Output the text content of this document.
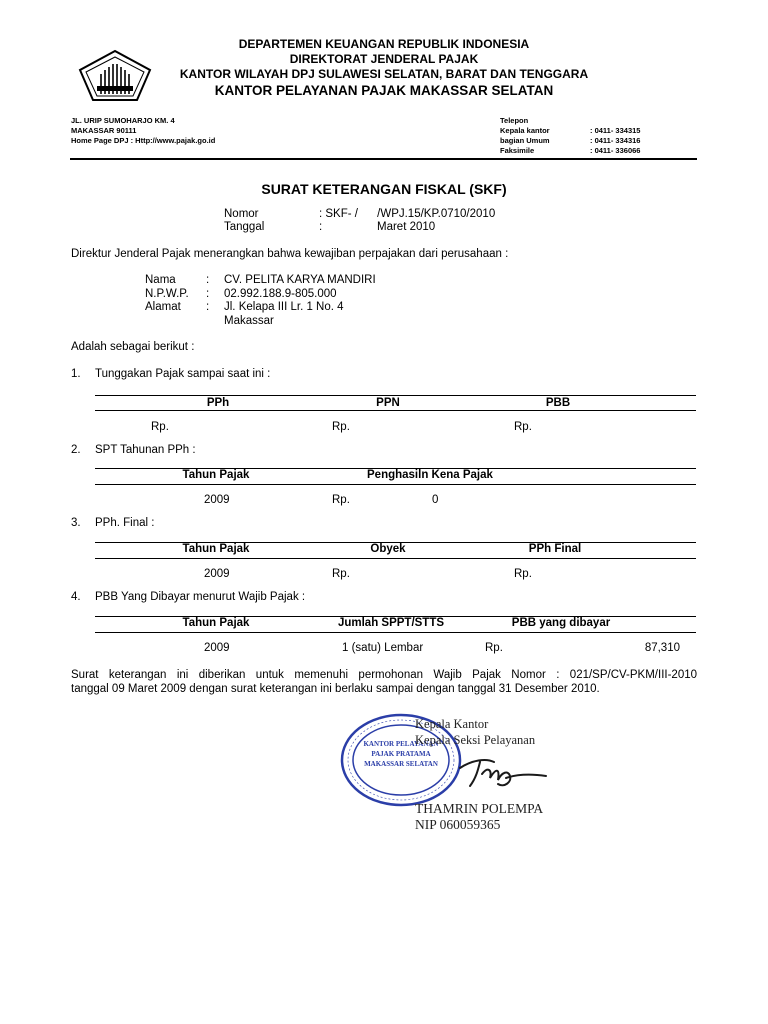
DEPARTEMEN KEUANGAN REPUBLIK INDONESIA
DIREKTORAT JENDERAL PAJAK
KANTOR WILAYAH DPJ SULAWESI SELATAN, BARAT DAN TENGGARA
KANTOR PELAYANAN PAJAK MAKASSAR SELATAN
JL. URIP SUMOHARJO KM. 4
MAKASSAR 90111
Home Page DPJ : Http://www.pajak.go.id
Telepon
Kepala kantor	: 0411- 334315
bagian Umum	: 0411- 334316
Faksimile	: 0411- 336066
SURAT KETERANGAN FISKAL (SKF)
Nomor	: SKF- /      /WPJ.15/KP.0710/2010
Tanggal	:	Maret 2010
Direktur Jenderal Pajak menerangkan bahwa kewajiban perpajakan dari perusahaan :
Nama	: CV. PELITA KARYA MANDIRI
N.P.W.P. : 02.992.188.9-805.000
Alamat : Jl. Kelapa III Lr. 1 No. 4
Makassar
Adalah sebagai berikut :
1. Tunggakan Pajak sampai saat ini :
PPh	PPN	PBB
Rp.	Rp.	Rp.
2. SPT Tahunan PPh :
Tahun Pajak	Penghasiln Kena Pajak
2009	Rp.	0
3. PPh. Final :
Tahun Pajak	Obyek	PPh Final
2009	Rp.	Rp.
4. PBB Yang Dibayar menurut Wajib Pajak :
Tahun Pajak	Jumlah SPPT/STTS	PBB yang dibayar
2009	1 (satu) Lembar	Rp.	87,310
Surat keterangan ini diberikan untuk memenuhi permohonan Wajib Pajak Nomor : 021/SP/CV-PKM/III-2010
tanggal 09 Maret 2009 dengan surat keterangan ini berlaku sampai dengan tanggal 31 Desember 2010.
KANTOR PELAYANAN
PAJAK PRATAMA
MAKASSAR SELATAN
Kepala Kantor
Kepala Seksi Pelayanan
THAMRIN POLEMPA
NIP 060059365
